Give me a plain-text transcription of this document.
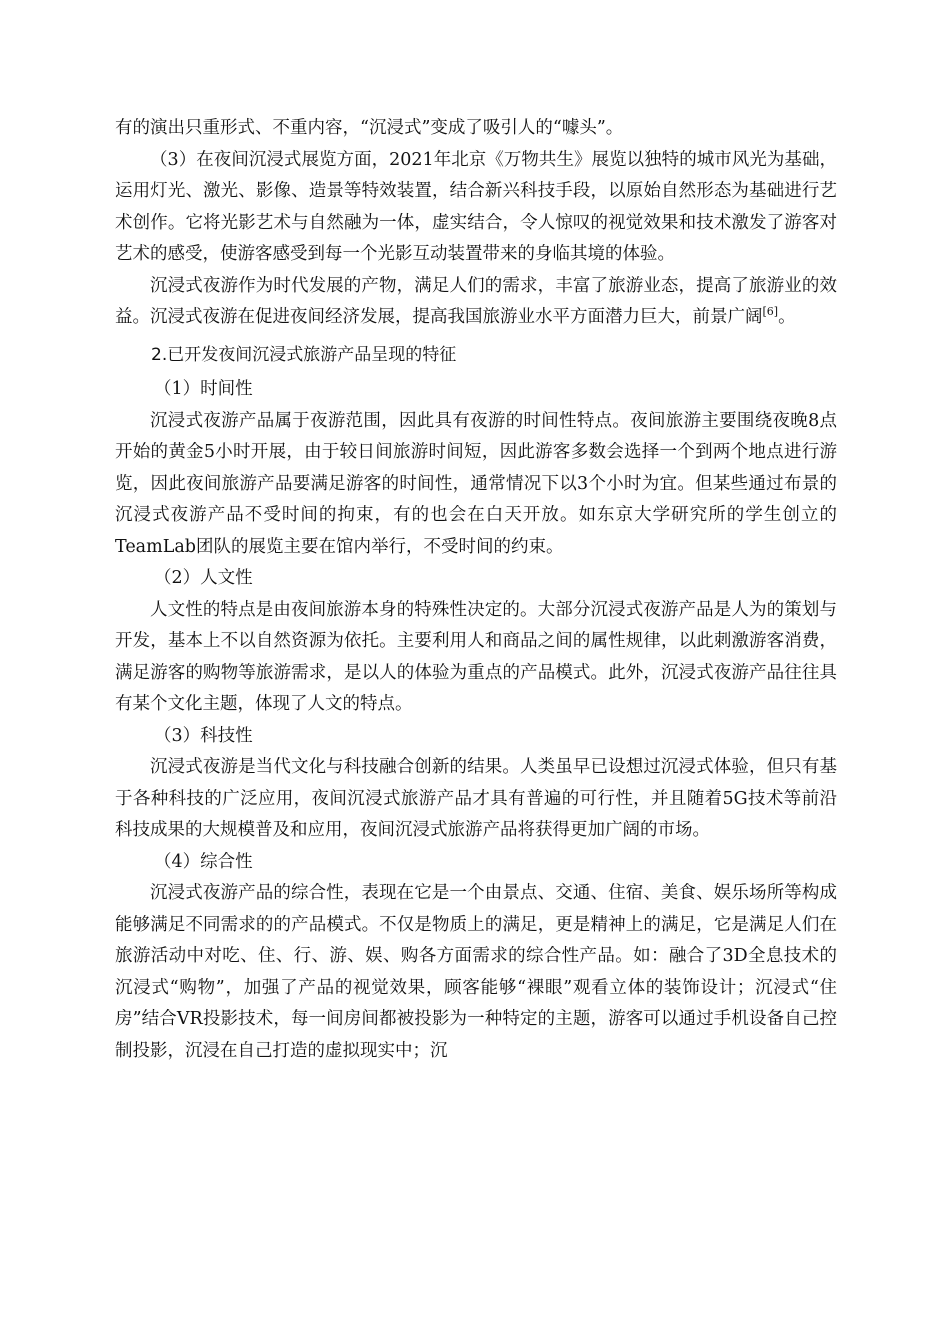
有的演出只重形式、不重内容，“沉浸式”变成了吸引人的“噱头”。

（3）在夜间沉浸式展览方面，2021年北京《万物共生》展览以独特的城市风光为基础，运用灯光、激光、影像、造景等特效装置，结合新兴科技手段，以原始自然形态为基础进行艺术创作。它将光影艺术与自然融为一体，虚实结合，令人惊叹的视觉效果和技术激发了游客对艺术的感受，使游客感受到每一个光影互动装置带来的身临其境的体验。

沉浸式夜游作为时代发展的产物，满足人们的需求，丰富了旅游业态，提高了旅游业的效益。沉浸式夜游在促进夜间经济发展，提高我国旅游业水平方面潜力巨大，前景广阔[6]。

2.已开发夜间沉浸式旅游产品呈现的特征

（1）时间性

沉浸式夜游产品属于夜游范围，因此具有夜游的时间性特点。夜间旅游主要围绕夜晚8点开始的黄金5小时开展，由于较日间旅游时间短，因此游客多数会选择一个到两个地点进行游览，因此夜间旅游产品要满足游客的时间性，通常情况下以3个小时为宜。但某些通过布景的沉浸式夜游产品不受时间的拘束，有的也会在白天开放。如东京大学研究所的学生创立的TeamLab团队的展览主要在馆内举行，不受时间的约束。

（2）人文性

人文性的特点是由夜间旅游本身的特殊性决定的。大部分沉浸式夜游产品是人为的策划与开发，基本上不以自然资源为依托。主要利用人和商品之间的属性规律，以此刺激游客消费，满足游客的购物等旅游需求，是以人的体验为重点的产品模式。此外，沉浸式夜游产品往往具有某个文化主题，体现了人文的特点。

（3）科技性

沉浸式夜游是当代文化与科技融合创新的结果。人类虽早已设想过沉浸式体验，但只有基于各种科技的广泛应用，夜间沉浸式旅游产品才具有普遍的可行性，并且随着5G技术等前沿科技成果的大规模普及和应用，夜间沉浸式旅游产品将获得更加广阔的市场。

（4）综合性

沉浸式夜游产品的综合性，表现在它是一个由景点、交通、住宿、美食、娱乐场所等构成能够满足不同需求的的产品模式。不仅是物质上的满足，更是精神上的满足，它是满足人们在旅游活动中对吃、住、行、游、娱、购各方面需求的综合性产品。如：融合了3D全息技术的沉浸式“购物”，加强了产品的视觉效果，顾客能够“裸眼”观看立体的装饰设计；沉浸式“住房”结合VR投影技术，每一间房间都被投影为一种特定的主题，游客可以通过手机设备自己控制投影，沉浸在自己打造的虚拟现实中；沉
